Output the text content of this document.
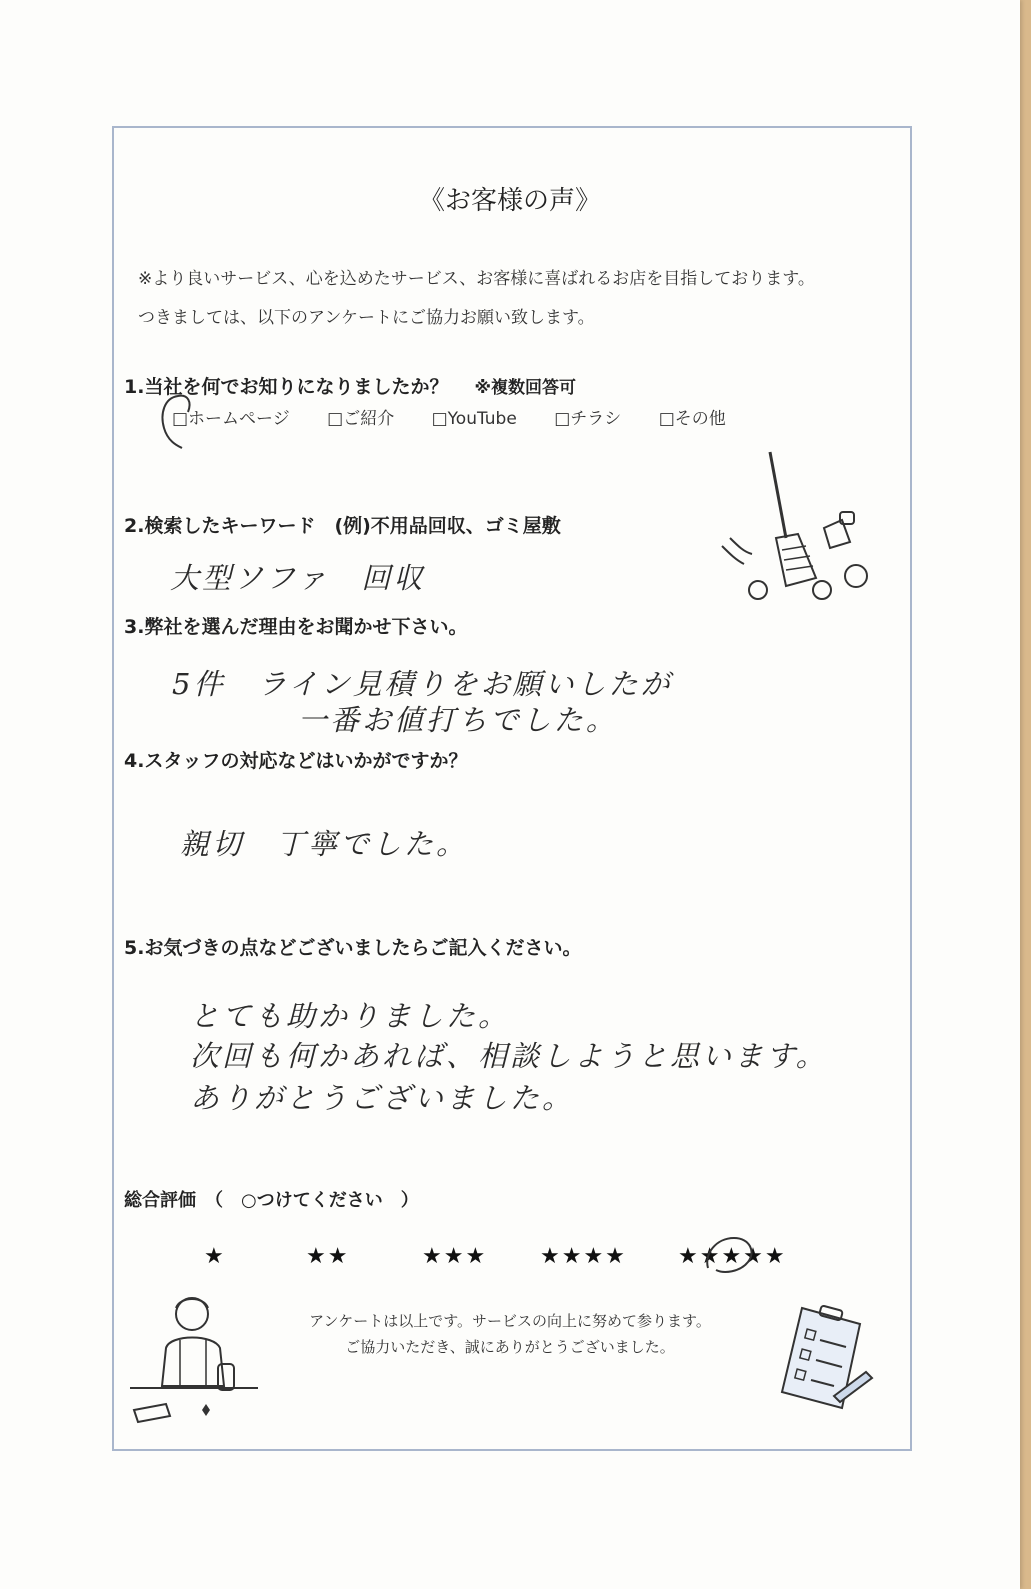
《お客様の声》
※より良いサービス、心を込めたサービス、お客様に喜ばれるお店を目指しております。
つきましては、以下のアンケートにご協力お願い致します。
1.当社を何でお知りになりましたか？ ※複数回答可
□ホームページ □ご紹介 □YouTube □チラシ □その他
2.検索したキーワード　(例)不用品回収、ゴミ屋敷
大型ソファ　回収
3.弊社を選んだ理由をお聞かせ下さい。
5件　ライン見積りをお願いしたが
一番お値打ちでした。
4.スタッフの対応などはいかがですか？
親切　丁寧でした。
5.お気づきの点などございましたらご記入ください。
とても助かりました。
次回も何かあれば、相談しようと思います。
ありがとうございました。
総合評価　（　○つけてください　）
★	★★	★★★ ★★★★ ★★★★★
アンケートは以上です。サービスの向上に努めて参ります。
ご協力いただき、誠にありがとうございました。
